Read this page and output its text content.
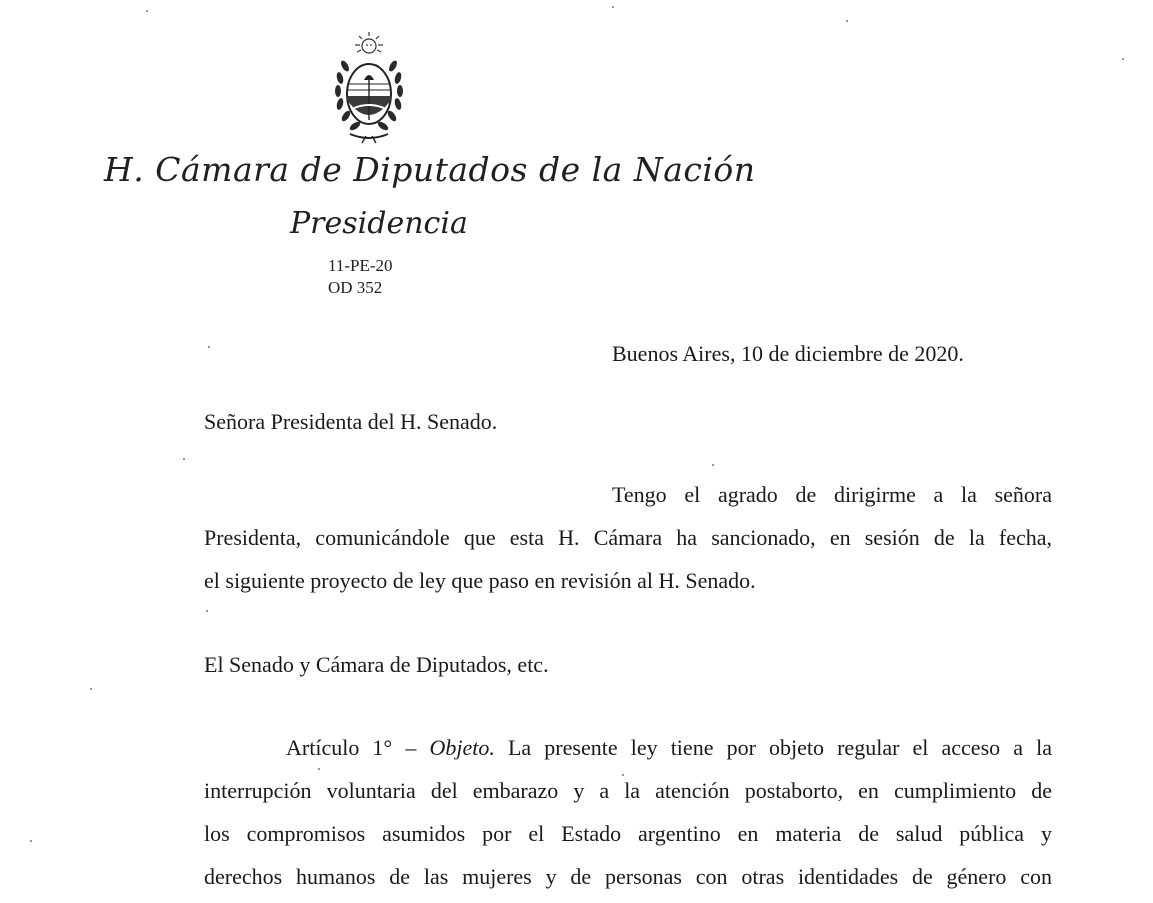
H. Cámara de Diputados de la Nación
Presidencia
11-PE-20
OD 352
Buenos Aires, 10 de diciembre de 2020.
Señora Presidenta del H. Senado.
Tengo el agrado de dirigirme a la señora
Presidenta, comunicándole que esta H. Cámara ha sancionado, en sesión de la fecha,
el siguiente proyecto de ley que paso en revisión al H. Senado.
El Senado y Cámara de Diputados, etc.
Artículo 1° – Objeto. La presente ley tiene por objeto regular el acceso a la
interrupción voluntaria del embarazo y a la atención postaborto, en cumplimiento de
los compromisos asumidos por el Estado argentino en materia de salud pública y
derechos humanos de las mujeres y de personas con otras identidades de género con
